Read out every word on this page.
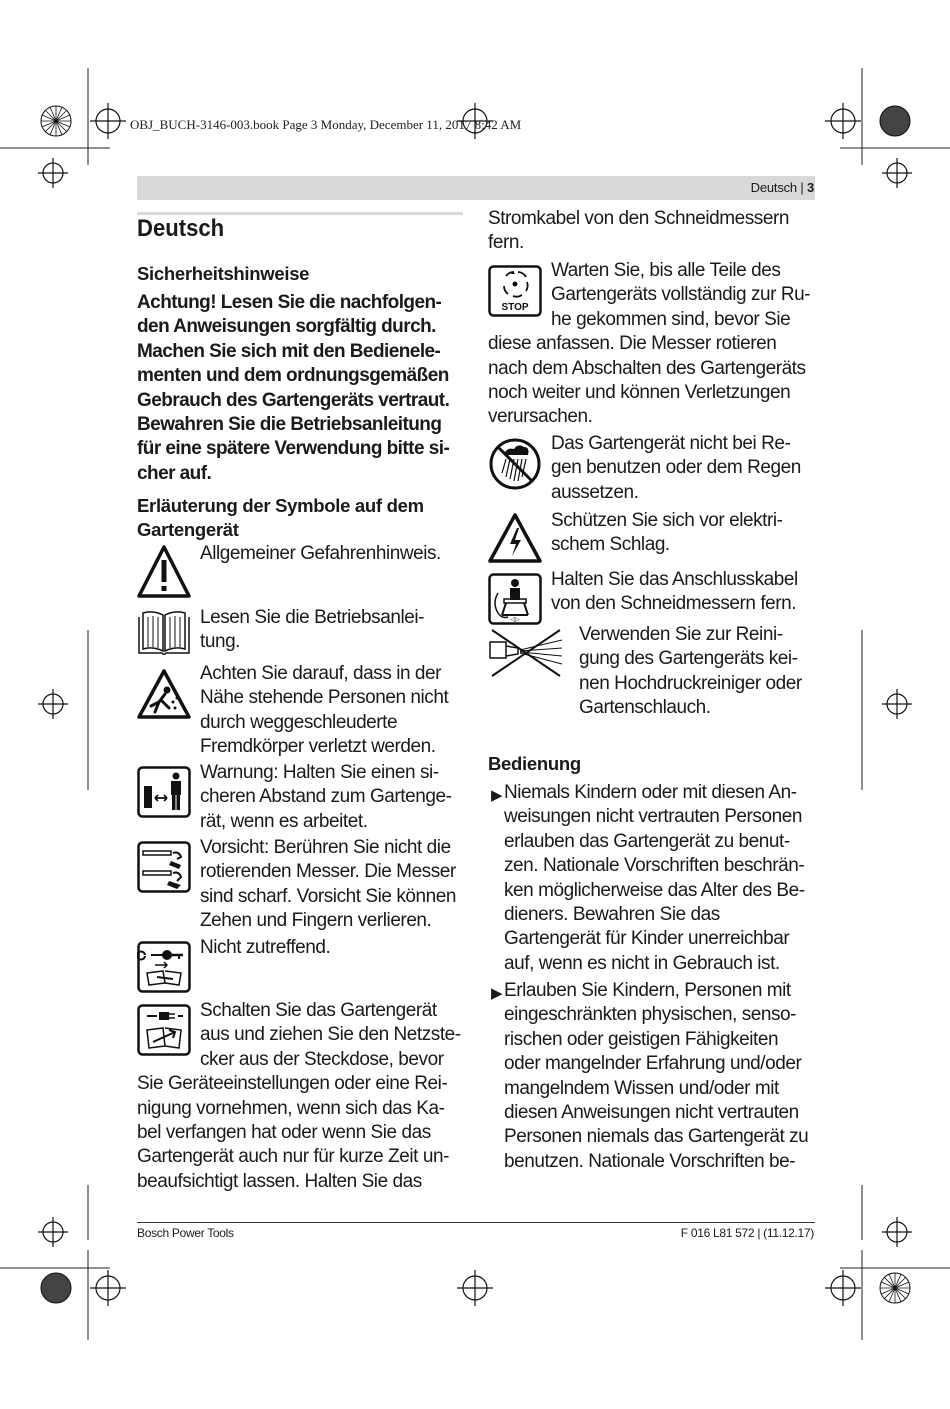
OBJ_BUCH-3146-003.book Page 3 Monday, December 11, 2017 8:42 AM
Deutsch | 3
Deutsch
Sicherheitshinweise
Achtung! Lesen Sie die nachfolgen-
den Anweisungen sorgfältig durch.
Machen Sie sich mit den Bedienele-
menten und dem ordnungsgemäßen
Gebrauch des Gartengeräts vertraut.
Bewahren Sie die Betriebsanleitung
für eine spätere Verwendung bitte si-
cher auf.
Erläuterung der Symbole auf dem
Gartengerät
Allgemeiner Gefahrenhinweis.
Lesen Sie die Betriebsanlei-
tung.
Achten Sie darauf, dass in der
Nähe stehende Personen nicht
durch weggeschleuderte
Fremdkörper verletzt werden.
Warnung: Halten Sie einen si-
cheren Abstand zum Gartenge-
rät, wenn es arbeitet.
Vorsicht: Berühren Sie nicht die
rotierenden Messer. Die Messer
sind scharf. Vorsicht Sie können
Zehen und Fingern verlieren.
Nicht zutreffend.
Schalten Sie das Gartengerät
aus und ziehen Sie den Netzste-
cker aus der Steckdose, bevor
Sie Geräteeinstellungen oder eine Rei-
nigung vornehmen, wenn sich das Ka-
bel verfangen hat oder wenn Sie das
Gartengerät auch nur für kurze Zeit un-
beaufsichtigt lassen. Halten Sie das
Stromkabel von den Schneidmessern
fern.
STOP
Warten Sie, bis alle Teile des
Gartengeräts vollständig zur Ru-
he gekommen sind, bevor Sie
diese anfassen. Die Messer rotieren
nach dem Abschalten des Gartengeräts
noch weiter und können Verletzungen
verursachen.
Das Gartengerät nicht bei Re-
gen benutzen oder dem Regen
aussetzen.
Schützen Sie sich vor elektri-
schem Schlag.
◁▷
Halten Sie das Anschlusskabel
von den Schneidmessern fern.
Verwenden Sie zur Reini-
gung des Gartengeräts kei-
nen Hochdruckreiniger oder
Gartenschlauch.
Bedienung
▶ Niemals Kindern oder mit diesen An-
weisungen nicht vertrauten Personen
erlauben das Gartengerät zu benut-
zen. Nationale Vorschriften beschrän-
ken möglicherweise das Alter des Be-
dieners. Bewahren Sie das
Gartengerät für Kinder unerreichbar
auf, wenn es nicht in Gebrauch ist.
▶ Erlauben Sie Kindern, Personen mit
eingeschränkten physischen, senso-
rischen oder geistigen Fähigkeiten
oder mangelnder Erfahrung und/oder
mangelndem Wissen und/oder mit
diesen Anweisungen nicht vertrauten
Personen niemals das Gartengerät zu
benutzen. Nationale Vorschriften be-
Bosch Power Tools	F 016 L81 572 | (11.12.17)
